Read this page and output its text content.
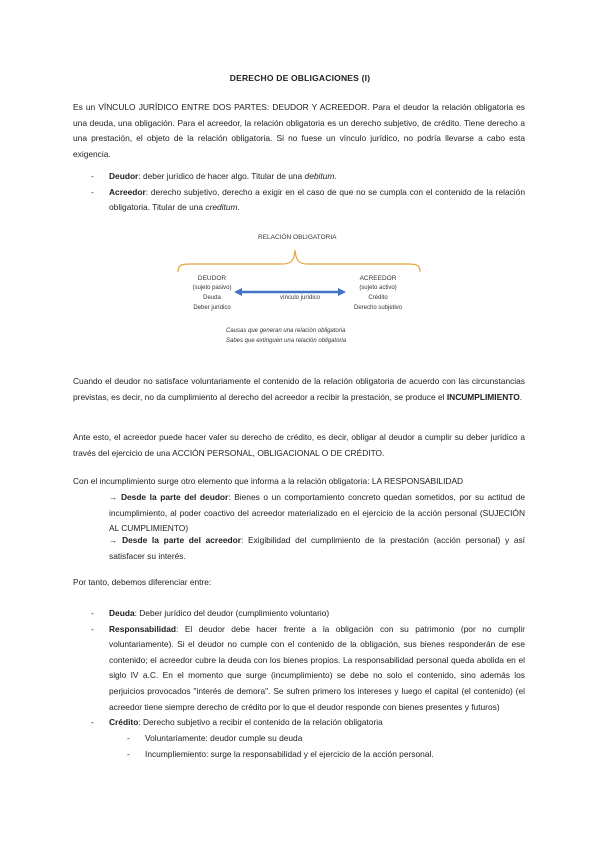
DERECHO DE OBLIGACIONES (I)

Es un VÍNCULO JURÍDICO ENTRE DOS PARTES: DEUDOR Y ACREEDOR. Para el deudor la relación obligatoria es una deuda, una obligación. Para el acreedor, la relación obligatoria es un derecho subjetivo, de crédito. Tiene derecho a una prestación, el objeto de la relación obligatoria. Si no fuese un vínculo jurídico, no podría llevarse a cabo esta exigencia.

- Deudor: deber jurídico de hacer algo. Titular de una debitum.
- Acreedor: derecho subjetivo, derecho a exigir en el caso de que no se cumpla con el contenido de la relación obligatoria. Titular de una creditum.
RELACIÓN OBLIGATORIA
DEUDOR
(sujeto pasivo)
Deuda
Deber jurídico
ACREEDOR
(sujeto activo)
Crédito
Derecho subjetivo
vínculo jurídico
Causas que generan una relación obligatoria
Sabes que extinguen una relación obligatoria

Cuando el deudor no satisface voluntariamente el contenido de la relación obligatoria de acuerdo con las circunstancias previstas, es decir, no da cumplimiento al derecho del acreedor a recibir la prestación, se produce el INCUMPLIMIENTO.

Ante esto, el acreedor puede hacer valer su derecho de crédito, es decir, obligar al deudor a cumplir su deber jurídico a través del ejercicio de una ACCIÓN PERSONAL, OBLIGACIONAL O DE CRÉDITO.

Con el incumplimiento surge otro elemento que informa a la relación obligatoria: LA RESPONSABILIDAD

→ Desde la parte del deudor: Bienes o un comportamiento concreto quedan sometidos, por su actitud de incumplimiento, al poder coactivo del acreedor materializado en el ejercicio de la acción personal (SUJECIÓN AL CUMPLIMIENTO)
→ Desde la parte del acreedor: Exigibilidad del cumplimiento de la prestación (acción personal) y así satisfacer su interés.

Por tanto, debemos diferenciar entre:

- Deuda: Deber jurídico del deudor (cumplimiento voluntario)
- Responsabilidad: El deudor debe hacer frente a la obligación con su patrimonio (por no cumplir voluntariamente). Si el deudor no cumple con el contenido de la obligación, sus bienes responderán de ese contenido; el acreedor cubre la deuda con los bienes propios. La responsabilidad personal queda abolida en el siglo IV a.C. En el momento que surge (incumplimiento) se debe no solo el contenido, sino además los perjuicios provocados "interés de demora". Se sufren primero los intereses y luego el capital (el contenido) (el acreedor tiene siempre derecho de crédito por lo que el deudor responde con bienes presentes y futuros)
- Crédito: Derecho subjetivo a recibir el contenido de la relación obligatoria
- Voluntariamente: deudor cumple su deuda
- Incumpliemiento: surge la responsabilidad y el ejercicio de la acción personal.
